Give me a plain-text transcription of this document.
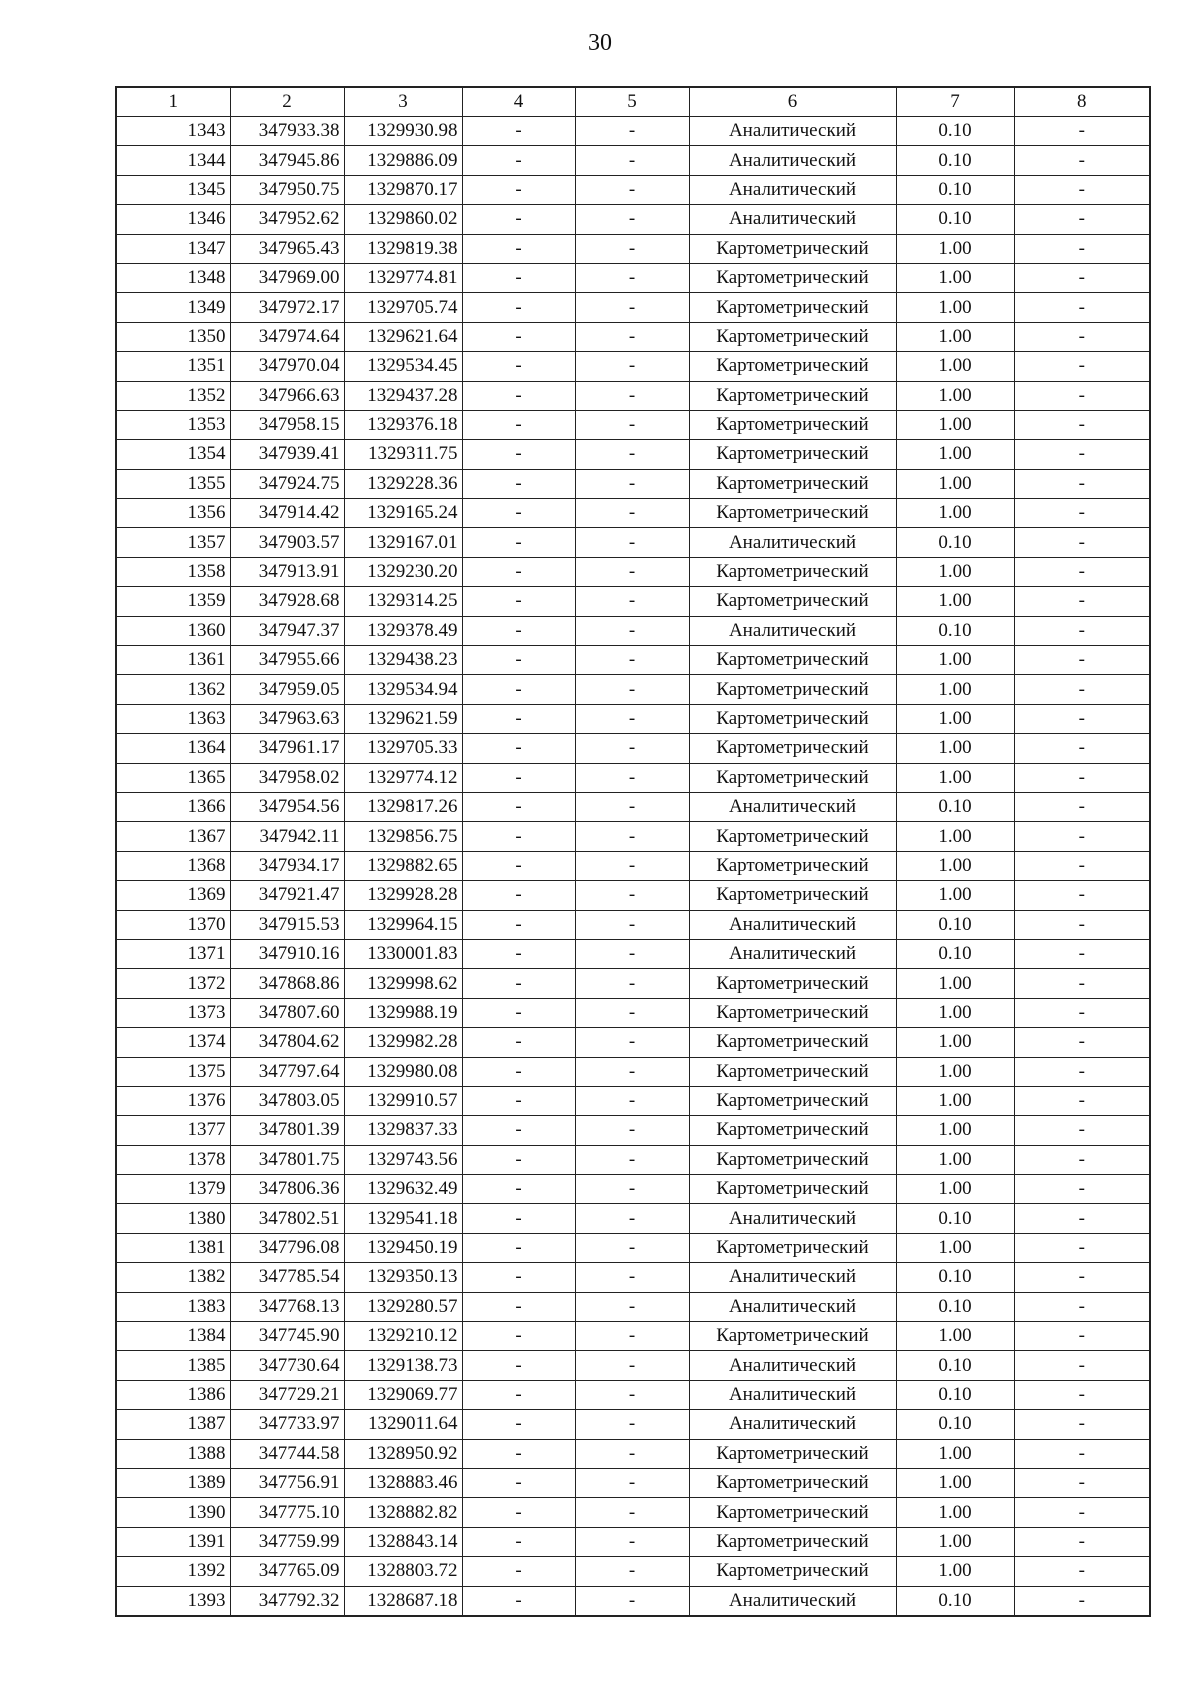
30
1	2	3	4	5	6	7	8
1343	347933.38	1329930.98	-	-	Аналитический	0.10	-
1344	347945.86	1329886.09	-	-	Аналитический	0.10	-
1345	347950.75	1329870.17	-	-	Аналитический	0.10	-
1346	347952.62	1329860.02	-	-	Аналитический	0.10	-
1347	347965.43	1329819.38	-	-	Картометрический	1.00	-
1348	347969.00	1329774.81	-	-	Картометрический	1.00	-
1349	347972.17	1329705.74	-	-	Картометрический	1.00	-
1350	347974.64	1329621.64	-	-	Картометрический	1.00	-
1351	347970.04	1329534.45	-	-	Картометрический	1.00	-
1352	347966.63	1329437.28	-	-	Картометрический	1.00	-
1353	347958.15	1329376.18	-	-	Картометрический	1.00	-
1354	347939.41	1329311.75	-	-	Картометрический	1.00	-
1355	347924.75	1329228.36	-	-	Картометрический	1.00	-
1356	347914.42	1329165.24	-	-	Картометрический	1.00	-
1357	347903.57	1329167.01	-	-	Аналитический	0.10	-
1358	347913.91	1329230.20	-	-	Картометрический	1.00	-
1359	347928.68	1329314.25	-	-	Картометрический	1.00	-
1360	347947.37	1329378.49	-	-	Аналитический	0.10	-
1361	347955.66	1329438.23	-	-	Картометрический	1.00	-
1362	347959.05	1329534.94	-	-	Картометрический	1.00	-
1363	347963.63	1329621.59	-	-	Картометрический	1.00	-
1364	347961.17	1329705.33	-	-	Картометрический	1.00	-
1365	347958.02	1329774.12	-	-	Картометрический	1.00	-
1366	347954.56	1329817.26	-	-	Аналитический	0.10	-
1367	347942.11	1329856.75	-	-	Картометрический	1.00	-
1368	347934.17	1329882.65	-	-	Картометрический	1.00	-
1369	347921.47	1329928.28	-	-	Картометрический	1.00	-
1370	347915.53	1329964.15	-	-	Аналитический	0.10	-
1371	347910.16	1330001.83	-	-	Аналитический	0.10	-
1372	347868.86	1329998.62	-	-	Картометрический	1.00	-
1373	347807.60	1329988.19	-	-	Картометрический	1.00	-
1374	347804.62	1329982.28	-	-	Картометрический	1.00	-
1375	347797.64	1329980.08	-	-	Картометрический	1.00	-
1376	347803.05	1329910.57	-	-	Картометрический	1.00	-
1377	347801.39	1329837.33	-	-	Картометрический	1.00	-
1378	347801.75	1329743.56	-	-	Картометрический	1.00	-
1379	347806.36	1329632.49	-	-	Картометрический	1.00	-
1380	347802.51	1329541.18	-	-	Аналитический	0.10	-
1381	347796.08	1329450.19	-	-	Картометрический	1.00	-
1382	347785.54	1329350.13	-	-	Аналитический	0.10	-
1383	347768.13	1329280.57	-	-	Аналитический	0.10	-
1384	347745.90	1329210.12	-	-	Картометрический	1.00	-
1385	347730.64	1329138.73	-	-	Аналитический	0.10	-
1386	347729.21	1329069.77	-	-	Аналитический	0.10	-
1387	347733.97	1329011.64	-	-	Аналитический	0.10	-
1388	347744.58	1328950.92	-	-	Картометрический	1.00	-
1389	347756.91	1328883.46	-	-	Картометрический	1.00	-
1390	347775.10	1328882.82	-	-	Картометрический	1.00	-
1391	347759.99	1328843.14	-	-	Картометрический	1.00	-
1392	347765.09	1328803.72	-	-	Картометрический	1.00	-
1393	347792.32	1328687.18	-	-	Аналитический	0.10	-
